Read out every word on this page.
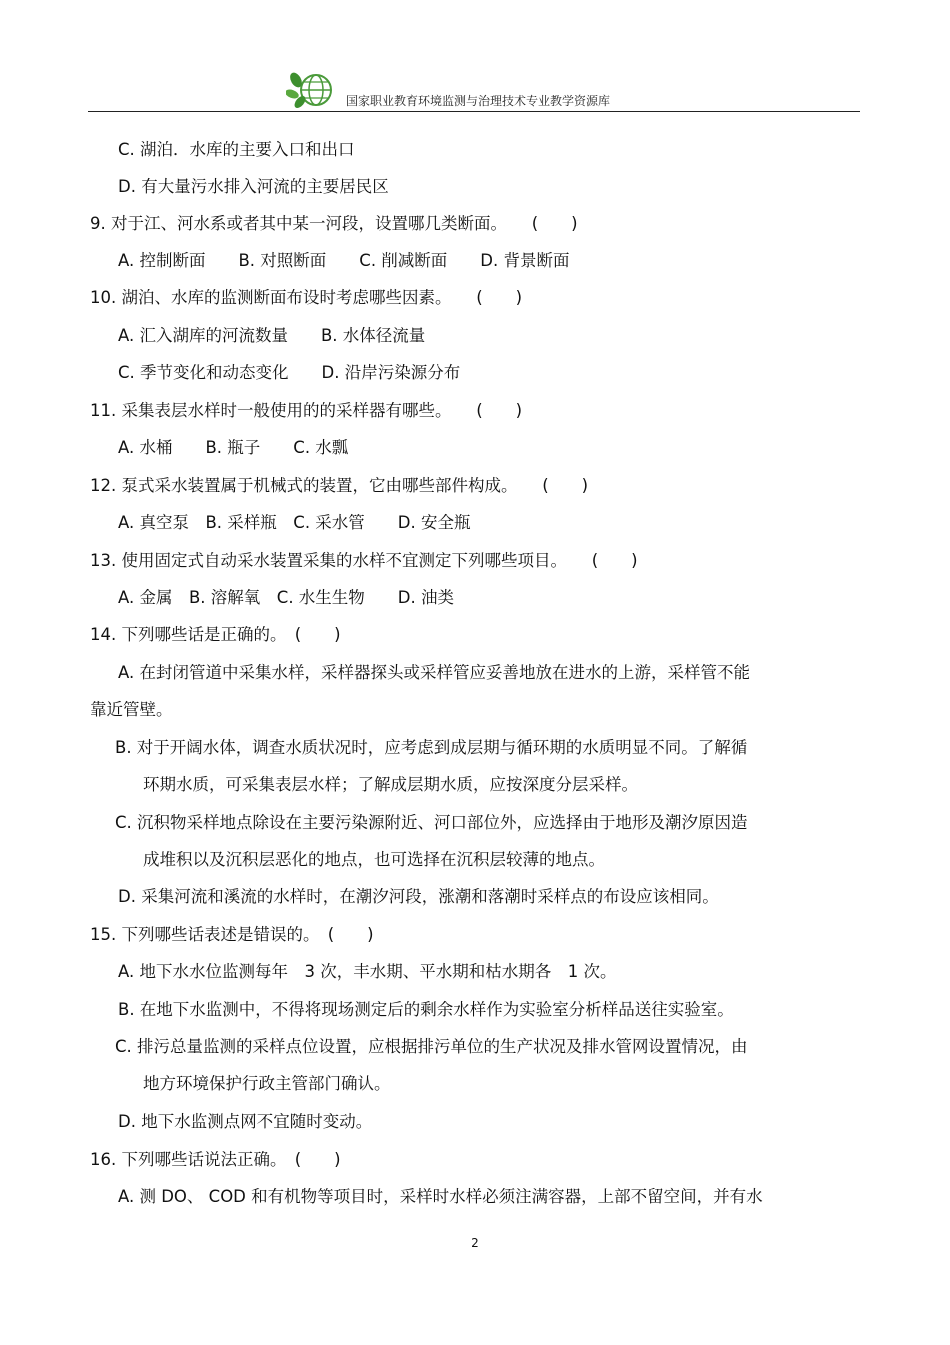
国家职业教育环境监测与治理技术专业教学资源库
C. 湖泊．水库的主要入口和出口
D. 有大量污水排入河流的主要居民区
9. 对于江、河水系或者其中某一河段，设置哪几类断面。　　(　　)
A. 控制断面　　B. 对照断面　　C. 削减断面　　D. 背景断面
10. 湖泊、水库的监测断面布设时考虑哪些因素。　　(　　)
A. 汇入湖库的河流数量　　B. 水体径流量
C. 季节变化和动态变化　　D. 沿岸污染源分布
11. 采集表层水样时一般使用的的采样器有哪些。　　(　　)
A. 水桶　　B. 瓶子　　C. 水瓢
12. 泵式采水装置属于机械式的装置，它由哪些部件构成。　　(　　)
A. 真空泵　B. 采样瓶　C. 采水管　　D. 安全瓶
13. 使用固定式自动采水装置采集的水样不宜测定下列哪些项目。　　(　　)
A. 金属　B. 溶解氧　C. 水生生物　　D. 油类
14. 下列哪些话是正确的。　(　　)
A. 在封闭管道中采集水样，采样器探头或采样管应妥善地放在进水的上游，采样管不能
靠近管壁。
B. 对于开阔水体，调查水质状况时，应考虑到成层期与循环期的水质明显不同。了解循
环期水质，可采集表层水样；了解成层期水质，应按深度分层采样。
C. 沉积物采样地点除设在主要污染源附近、河口部位外，应选择由于地形及潮汐原因造
成堆积以及沉积层恶化的地点，也可选择在沉积层较薄的地点。
D. 采集河流和溪流的水样时，在潮汐河段，涨潮和落潮时采样点的布设应该相同。
15. 下列哪些话表述是错误的。　(　　)
A. 地下水水位监测每年　3 次，丰水期、平水期和枯水期各　1 次。
B. 在地下水监测中，不得将现场测定后的剩余水样作为实验室分析样品送往实验室。
C. 排污总量监测的采样点位设置，应根据排污单位的生产状况及排水管网设置情况，由
地方环境保护行政主管部门确认。
D. 地下水监测点网不宜随时变动。
16. 下列哪些话说法正确。　(　　)
A. 测 DO、 COD 和有机物等项目时，采样时水样必须注满容器，上部不留空间，并有水
2
